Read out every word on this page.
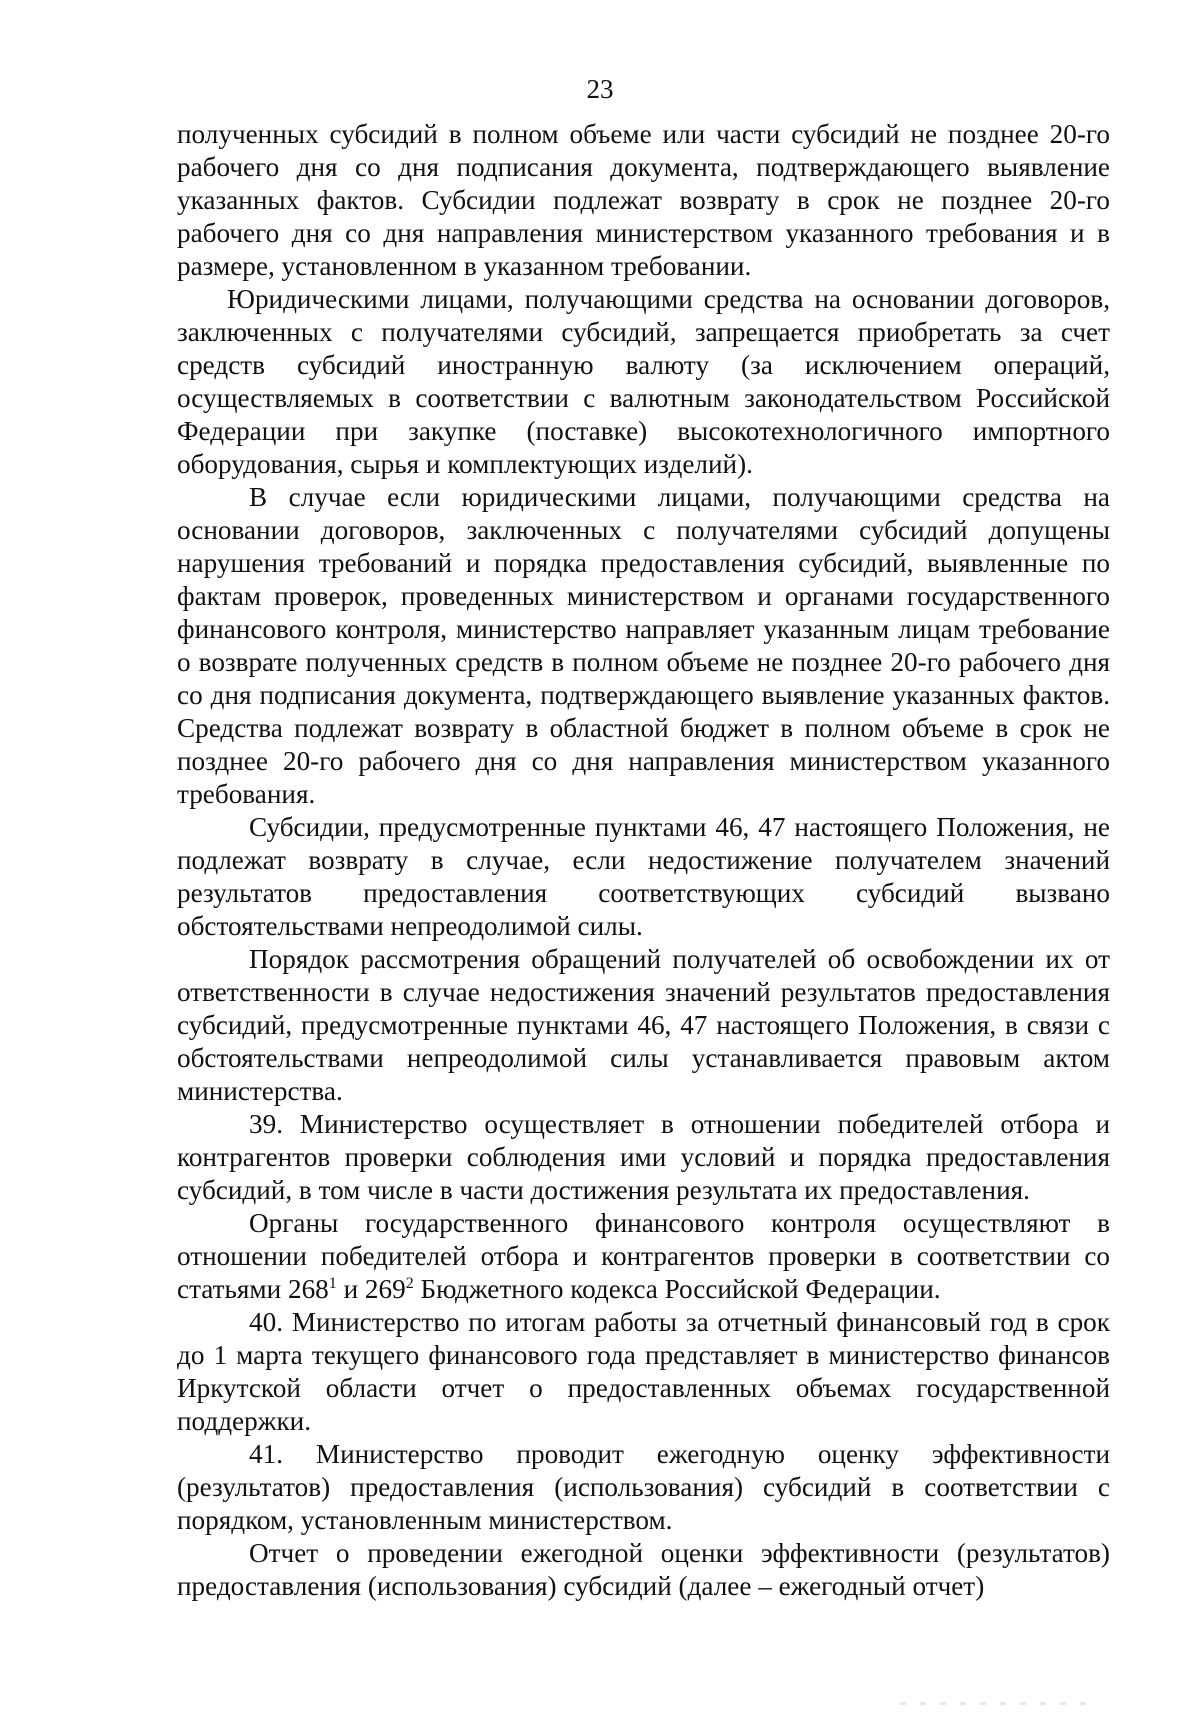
23

полученных субсидий в полном объеме или части субсидий не позднее 20-го рабочего дня со дня подписания документа, подтверждающего выявление указанных фактов. Субсидии подлежат возврату в срок не позднее 20-го рабочего дня со дня направления министерством указанного требования и в размере, установленном в указанном требовании.

Юридическими лицами, получающими средства на основании договоров, заключенных с получателями субсидий, запрещается приобретать за счет средств субсидий иностранную валюту (за исключением операций, осуществляемых в соответствии с валютным законодательством Российской Федерации при закупке (поставке) высокотехнологичного импортного оборудования, сырья и комплектующих изделий).

В случае если юридическими лицами, получающими средства на основании договоров, заключенных с получателями субсидий допущены нарушения требований и порядка предоставления субсидий, выявленные по фактам проверок, проведенных министерством и органами государственного финансового контроля, министерство направляет указанным лицам требование о возврате полученных средств в полном объеме не позднее 20-го рабочего дня со дня подписания документа, подтверждающего выявление указанных фактов. Средства подлежат возврату в областной бюджет в полном объеме в срок не позднее 20-го рабочего дня со дня направления министерством указанного требования.

Субсидии, предусмотренные пунктами 46, 47 настоящего Положения, не подлежат возврату в случае, если недостижение получателем значений результатов предоставления соответствующих субсидий вызвано обстоятельствами непреодолимой силы.

Порядок рассмотрения обращений получателей об освобождении их от ответственности в случае недостижения значений результатов предоставления субсидий, предусмотренные пунктами 46, 47 настоящего Положения, в связи с обстоятельствами непреодолимой силы устанавливается правовым актом министерства.

39. Министерство осуществляет в отношении победителей отбора и контрагентов проверки соблюдения ими условий и порядка предоставления субсидий, в том числе в части достижения результата их предоставления.

Органы государственного финансового контроля осуществляют в отношении победителей отбора и контрагентов проверки в соответствии со статьями $268^1$ и $269^2$ Бюджетного кодекса Российской Федерации.

40. Министерство по итогам работы за отчетный финансовый год в срок до 1 марта текущего финансового года представляет в министерство финансов Иркутской области отчет о предоставленных объемах государственной поддержки.

41. Министерство проводит ежегодную оценку эффективности (результатов) предоставления (использования) субсидий в соответствии с порядком, установленным министерством.

Отчет о проведении ежегодной оценки эффективности (результатов) предоставления (использования) субсидий (далее – ежегодный отчет)
